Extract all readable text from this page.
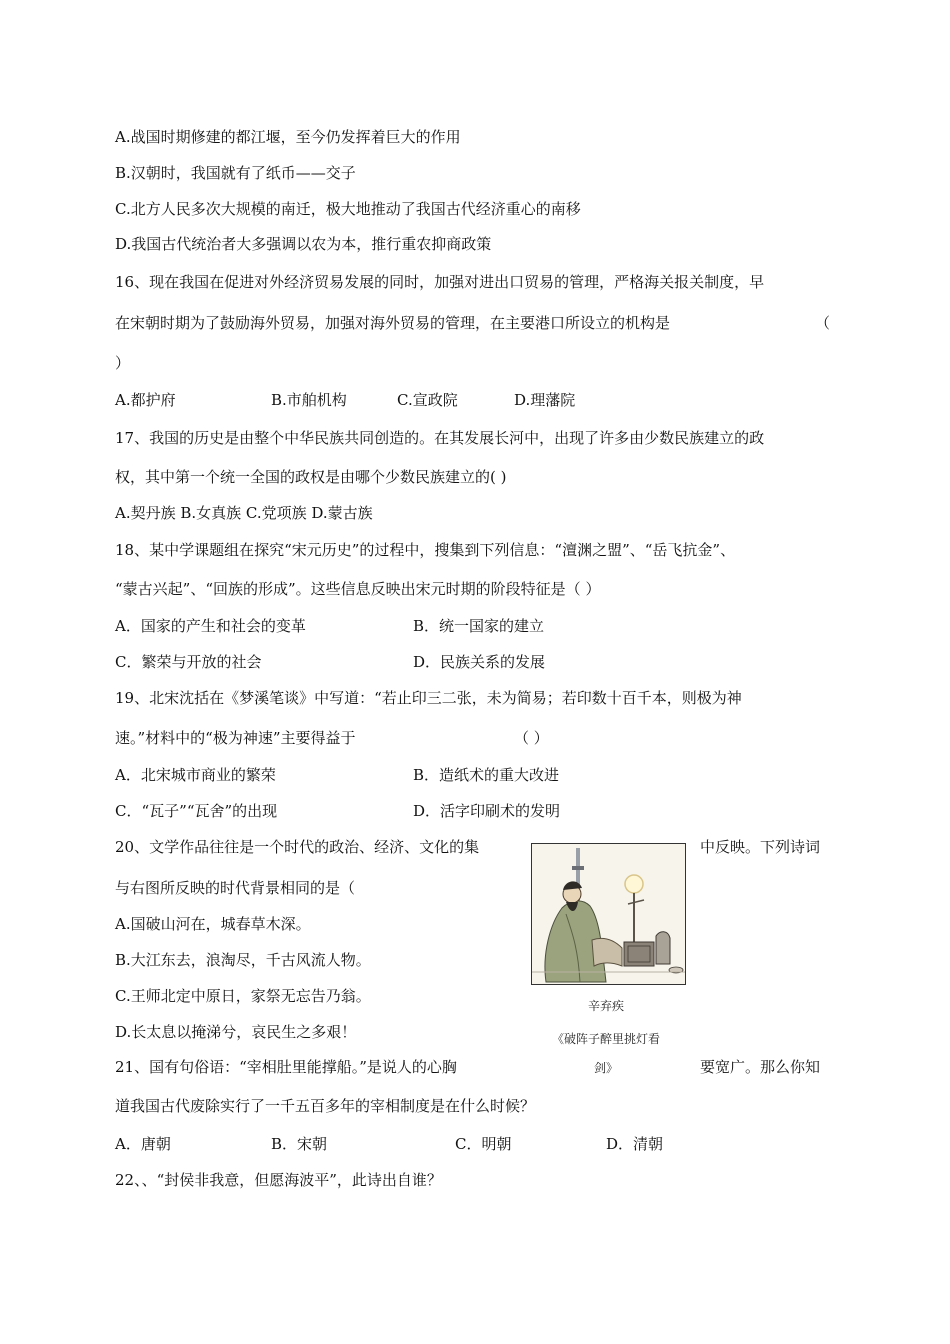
A.战国时期修建的都江堰，至今仍发挥着巨大的作用
B.汉朝时，我国就有了纸币——交子
C.北方人民多次大规模的南迁，极大地推动了我国古代经济重心的南移
D.我国古代统治者大多强调以农为本，推行重农抑商政策
16、现在我国在促进对外经济贸易发展的同时，加强对进出口贸易的管理，严格海关报关制度，早
在宋朝时期为了鼓励海外贸易，加强对海外贸易的管理，在主要港口所设立的机构是	（
）
A.都护府	B.市舶机构	C.宣政院	D.理藩院
17、我国的历史是由整个中华民族共同创造的。在其发展长河中，出现了许多由少数民族建立的政
权，其中第一个统一全国的政权是由哪个少数民族建立的( )
A.契丹族 B.女真族 C.党项族 D.蒙古族
18、某中学课题组在探究“宋元历史”的过程中，搜集到下列信息：“澶渊之盟”、“岳飞抗金”、
“蒙古兴起”、“回族的形成”。这些信息反映出宋元时期的阶段特征是（ ）
A．国家的产生和社会的变革	B．统一国家的建立
C．繁荣与开放的社会	D．民族关系的发展
19、北宋沈括在《梦溪笔谈》中写道：“若止印三二张，未为简易；若印数十百千本，则极为神
速。”材料中的“极为神速”主要得益于	（ ）
A．北宋城市商业的繁荣	B．造纸术的重大改进
C．“瓦子”“瓦舍”的出现	D．活字印刷术的发明
20、文学作品往往是一个时代的政治、经济、文化的集	中反映。下列诗词
与右图所反映的时代背景相同的是（
A.国破山河在，城春草木深。
B.大江东去，浪淘尽，千古风流人物。
C.王师北定中原日，家祭无忘告乃翁。
D.长太息以掩涕兮，哀民生之多艰！
辛弃疾
《破阵子醉里挑灯看
剑》
21、国有句俗语：“宰相肚里能撑船。”是说人的心胸	要宽广。那么你知
道我国古代废除实行了一千五百多年的宰相制度是在什么时候？
A．唐朝	B．宋朝	C．明朝	D．清朝
22、、“封侯非我意，但愿海波平”，此诗出自谁？
